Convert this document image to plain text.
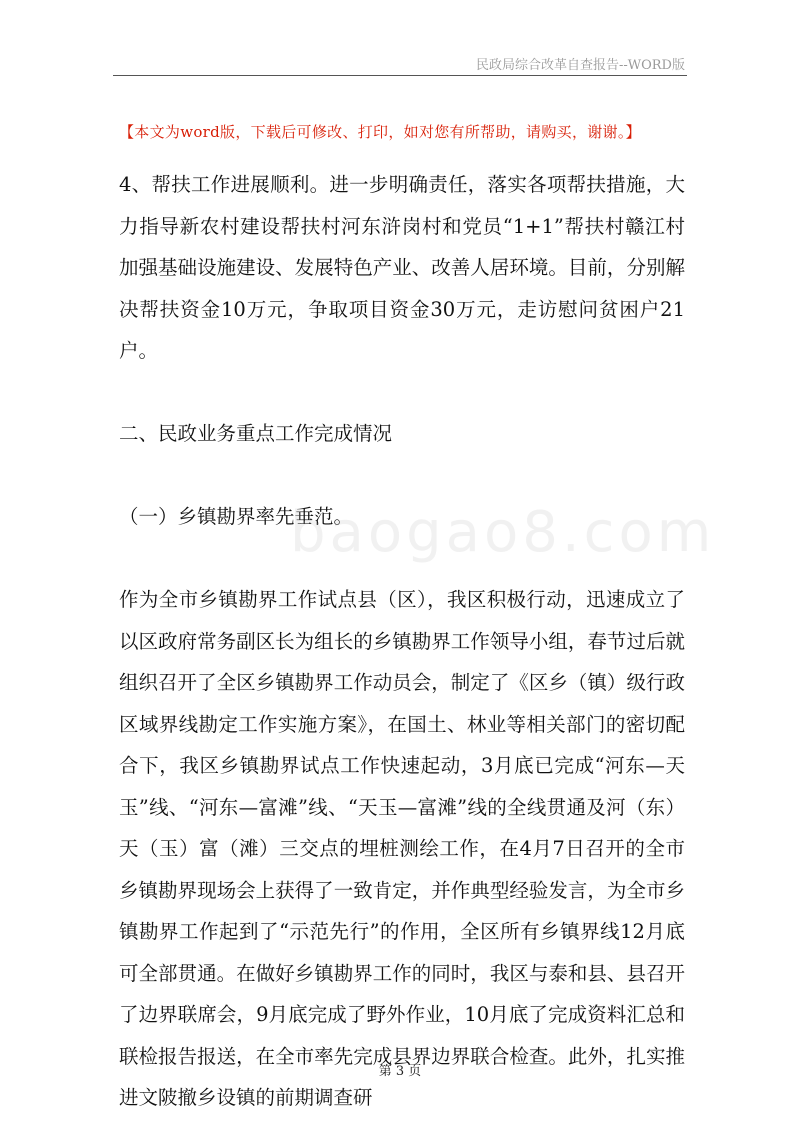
民政局综合改革自查报告--WORD版
【本文为word版，下载后可修改、打印，如对您有所帮助，请购买，谢谢。】

4、帮扶工作进展顺利。进一步明确责任，落实各项帮扶措施，大力指导新农村建设帮扶村河东浒岗村和党员“1+1”帮扶村赣江村加强基础设施建设、发展特色产业、改善人居环境。目前，分别解决帮扶资金10万元，争取项目资金30万元，走访慰问贫困户21户。

二、民政业务重点工作完成情况

（一）乡镇勘界率先垂范。

作为全市乡镇勘界工作试点县（区），我区积极行动，迅速成立了以区政府常务副区长为组长的乡镇勘界工作领导小组，春节过后就组织召开了全区乡镇勘界工作动员会，制定了《区乡（镇）级行政区域界线勘定工作实施方案》，在国土、林业等相关部门的密切配合下，我区乡镇勘界试点工作快速起动，3月底已完成“河东—天玉”线、“河东—富滩”线、“天玉—富滩”线的全线贯通及河（东）天（玉）富（滩）三交点的埋桩测绘工作，在4月7日召开的全市乡镇勘界现场会上获得了一致肯定，并作典型经验发言，为全市乡镇勘界工作起到了“示范先行”的作用，全区所有乡镇界线12月底可全部贯通。在做好乡镇勘界工作的同时，我区与泰和县、县召开了边界联席会，9月底完成了野外作业，10月底了完成资料汇总和联检报告报送，在全市率先完成县界边界联合检查。此外，扎实推进文陂撤乡设镇的前期调查研

baogao8.com
第 3 页
